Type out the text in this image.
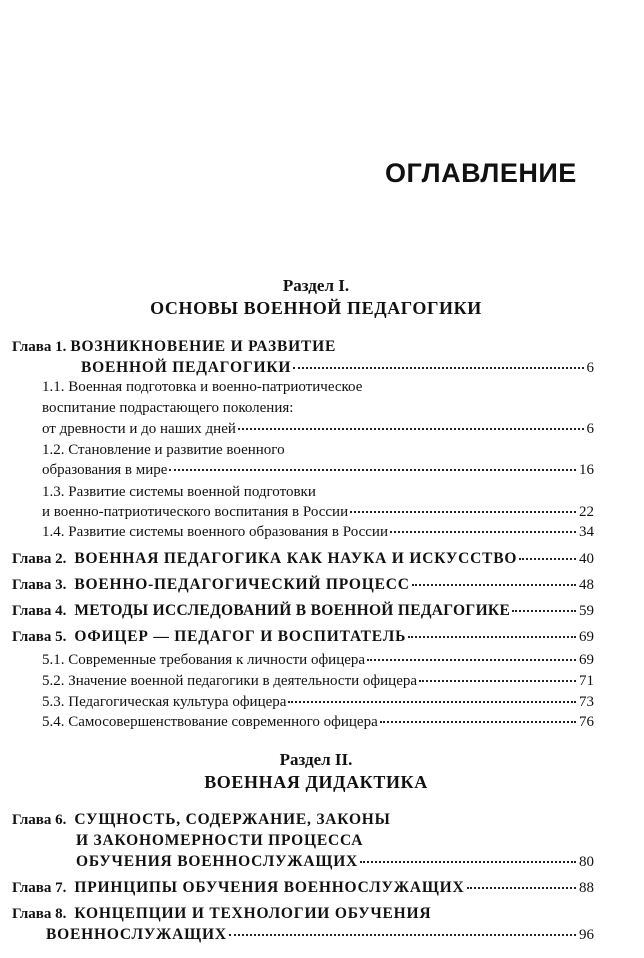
ОГЛАВЛЕНИЕ
Раздел I.
ОСНОВЫ ВОЕННОЙ ПЕДАГОГИКИ
Глава 1. ВОЗНИКНОВЕНИЕ И РАЗВИТИЕ
ВОЕННОЙ ПЕДАГОГИКИ	6
1.1. Военная подготовка и военно-патриотическое
воспитание подрастающего поколения:
от древности и до наших дней	6
1.2. Становление и развитие военного
образования в мире	16
1.3. Развитие системы военной подготовки
и военно-патриотического воспитания в России	22
1.4. Развитие системы военного образования в России	34
Глава 2. ВОЕННАЯ ПЕДАГОГИКА КАК НАУКА И ИСКУССТВО	40
Глава 3. ВОЕННО-ПЕДАГОГИЧЕСКИЙ ПРОЦЕСС	48
Глава 4. МЕТОДЫ ИССЛЕДОВАНИЙ В ВОЕННОЙ ПЕДАГОГИКЕ	59
Глава 5. ОФИЦЕР — ПЕДАГОГ И ВОСПИТАТЕЛЬ	69
5.1. Современные требования к личности офицера	69
5.2. Значение военной педагогики в деятельности офицера	71
5.3. Педагогическая культура офицера	73
5.4. Самосовершенствование современного офицера	76
Раздел II.
ВОЕННАЯ ДИДАКТИКА
Глава 6. СУЩНОСТЬ, СОДЕРЖАНИЕ, ЗАКОНЫ
И ЗАКОНОМЕРНОСТИ ПРОЦЕССА
ОБУЧЕНИЯ ВОЕННОСЛУЖАЩИХ	80
Глава 7. ПРИНЦИПЫ ОБУЧЕНИЯ ВОЕННОСЛУЖАЩИХ	88
Глава 8. КОНЦЕПЦИИ И ТЕХНОЛОГИИ ОБУЧЕНИЯ
ВОЕННОСЛУЖАЩИХ	96
